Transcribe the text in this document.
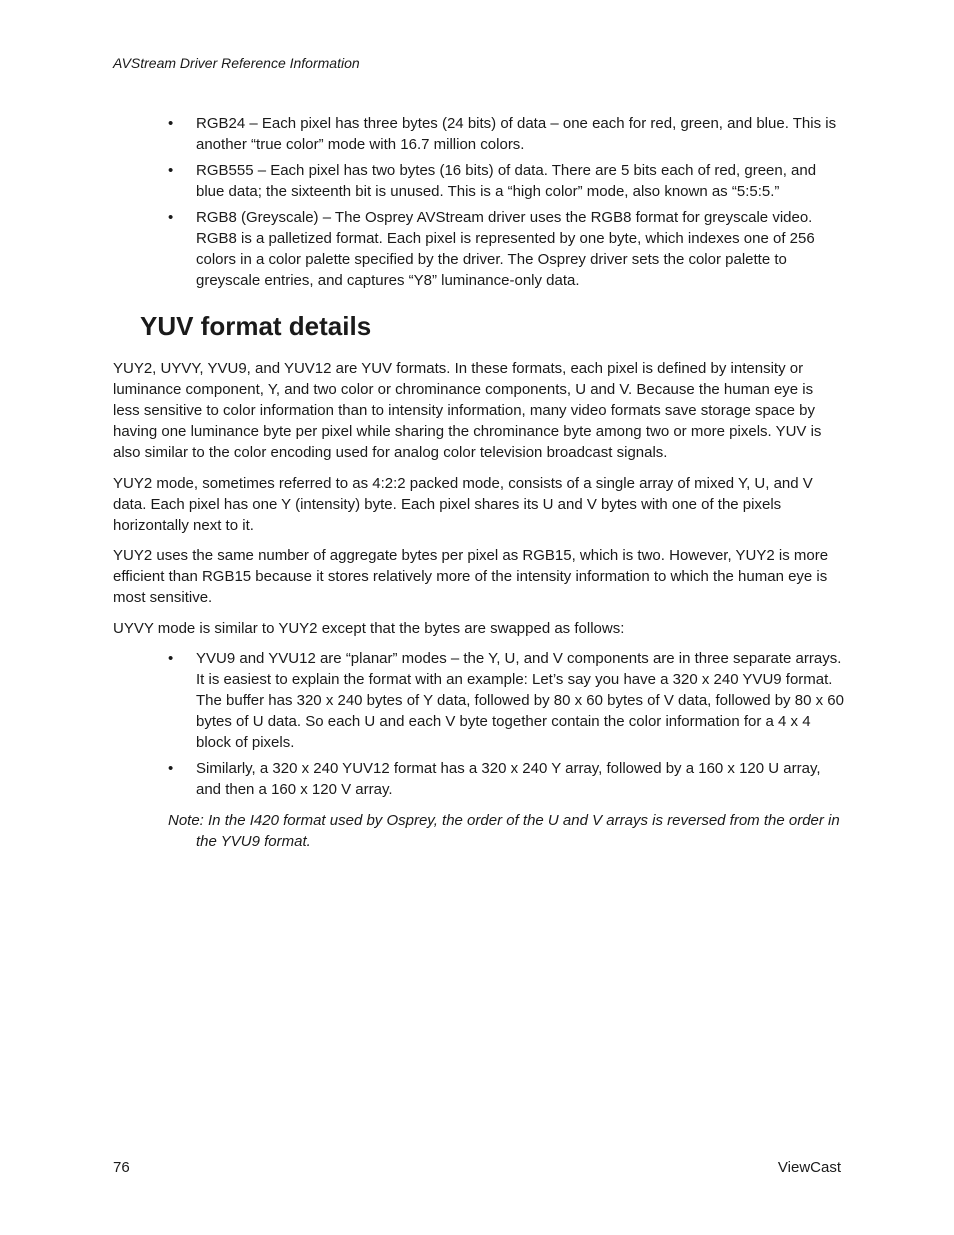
AVStream Driver Reference Information
• RGB24 – Each pixel has three bytes (24 bits) of data – one each for red, green, and blue. This is another “true color” mode with 16.7 million colors.
• RGB555 – Each pixel has two bytes (16 bits) of data. There are 5 bits each of red, green, and blue data; the sixteenth bit is unused. This is a “high color” mode, also known as “5:5:5.”
• RGB8 (Greyscale) – The Osprey AVStream driver uses the RGB8 format for greyscale video. RGB8 is a palletized format. Each pixel is represented by one byte, which indexes one of 256 colors in a color palette specified by the driver. The Osprey driver sets the color palette to greyscale entries, and captures “Y8” luminance-only data.
YUV format details

YUY2, UYVY, YVU9, and YUV12 are YUV formats. In these formats, each pixel is defined by intensity or luminance component, Y, and two color or chrominance components, U and V. Because the human eye is less sensitive to color information than to intensity information, many video formats save storage space by having one luminance byte per pixel while sharing the chrominance byte among two or more pixels. YUV is also similar to the color encoding used for analog color television broadcast signals.

YUY2 mode, sometimes referred to as 4:2:2 packed mode, consists of a single array of mixed Y, U, and V data. Each pixel has one Y (intensity) byte. Each pixel shares its U and V bytes with one of the pixels horizontally next to it.

YUY2 uses the same number of aggregate bytes per pixel as RGB15, which is two. However, YUY2 is more efficient than RGB15 because it stores relatively more of the intensity information to which the human eye is most sensitive.

UYVY mode is similar to YUY2 except that the bytes are swapped as follows:

• YVU9 and YVU12 are “planar” modes – the Y, U, and V components are in three separate arrays. It is easiest to explain the format with an example: Let’s say you have a 320 x 240 YVU9 format. The buffer has 320 x 240 bytes of Y data, followed by 80 x 60 bytes of V data, followed by 80 x 60 bytes of U data. So each U and each V byte together contain the color information for a 4 x 4 block of pixels.
• Similarly, a 320 x 240 YUV12 format has a 320 x 240 Y array, followed by a 160 x 120 U array, and then a 160 x 120 V array.

Note: In the I420 format used by Osprey, the order of the U and V arrays is reversed from the order in the YVU9 format.

76	ViewCast
